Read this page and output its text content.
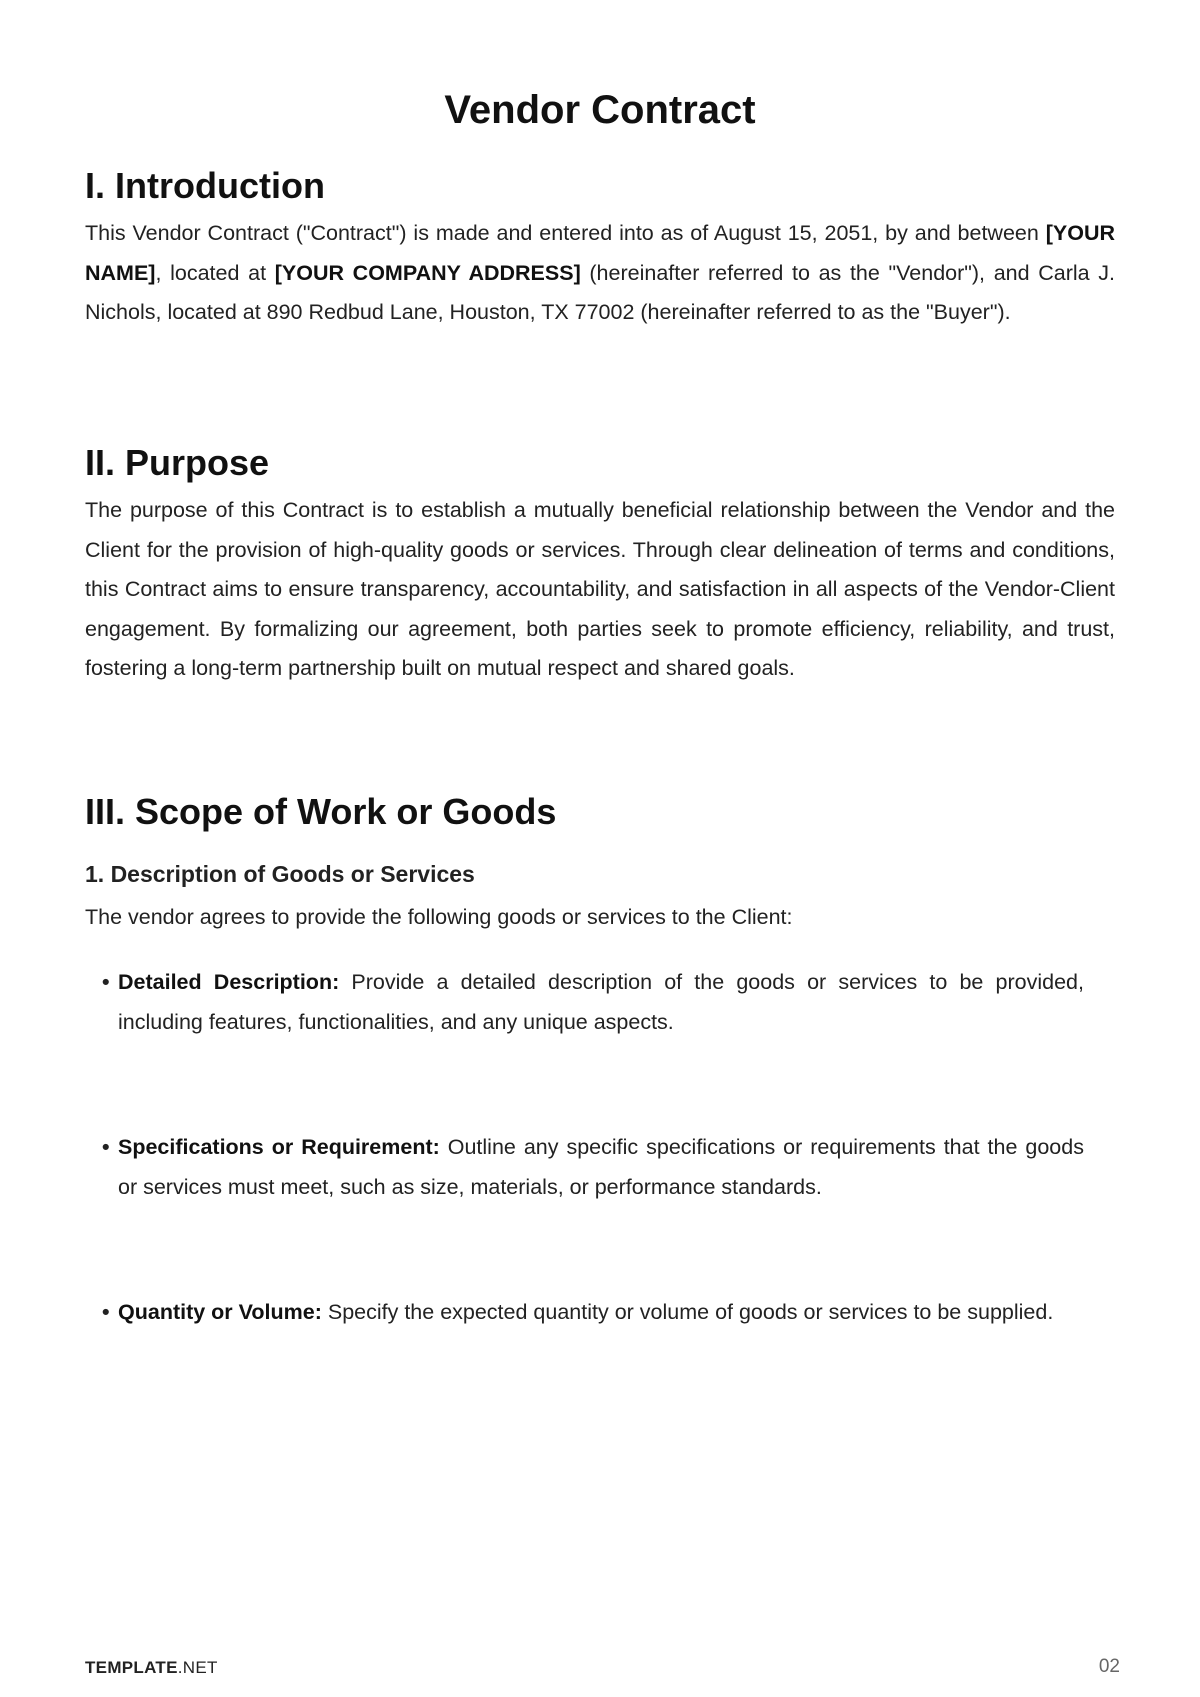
Vendor Contract
I. Introduction

This Vendor Contract ("Contract") is made and entered into as of August 15, 2051, by and between [YOUR NAME], located at [YOUR COMPANY ADDRESS] (hereinafter referred to as the "Vendor"), and Carla J. Nichols, located at 890 Redbud Lane, Houston, TX 77002 (hereinafter referred to as the "Buyer").

II. Purpose

The purpose of this Contract is to establish a mutually beneficial relationship between the Vendor and the Client for the provision of high-quality goods or services. Through clear delineation of terms and conditions, this Contract aims to ensure transparency, accountability, and satisfaction in all aspects of the Vendor-Client engagement. By formalizing our agreement, both parties seek to promote efficiency, reliability, and trust, fostering a long-term partnership built on mutual respect and shared goals.

III. Scope of Work or Goods
1. Description of Goods or Services

The vendor agrees to provide the following goods or services to the Client:

• Detailed Description: Provide a detailed description of the goods or services to be provided, including features, functionalities, and any unique aspects.
• Specifications or Requirement: Outline any specific specifications or requirements that the goods or services must meet, such as size, materials, or performance standards.
• Quantity or Volume: Specify the expected quantity or volume of goods or services to be supplied.
TEMPLATE.NET	02
